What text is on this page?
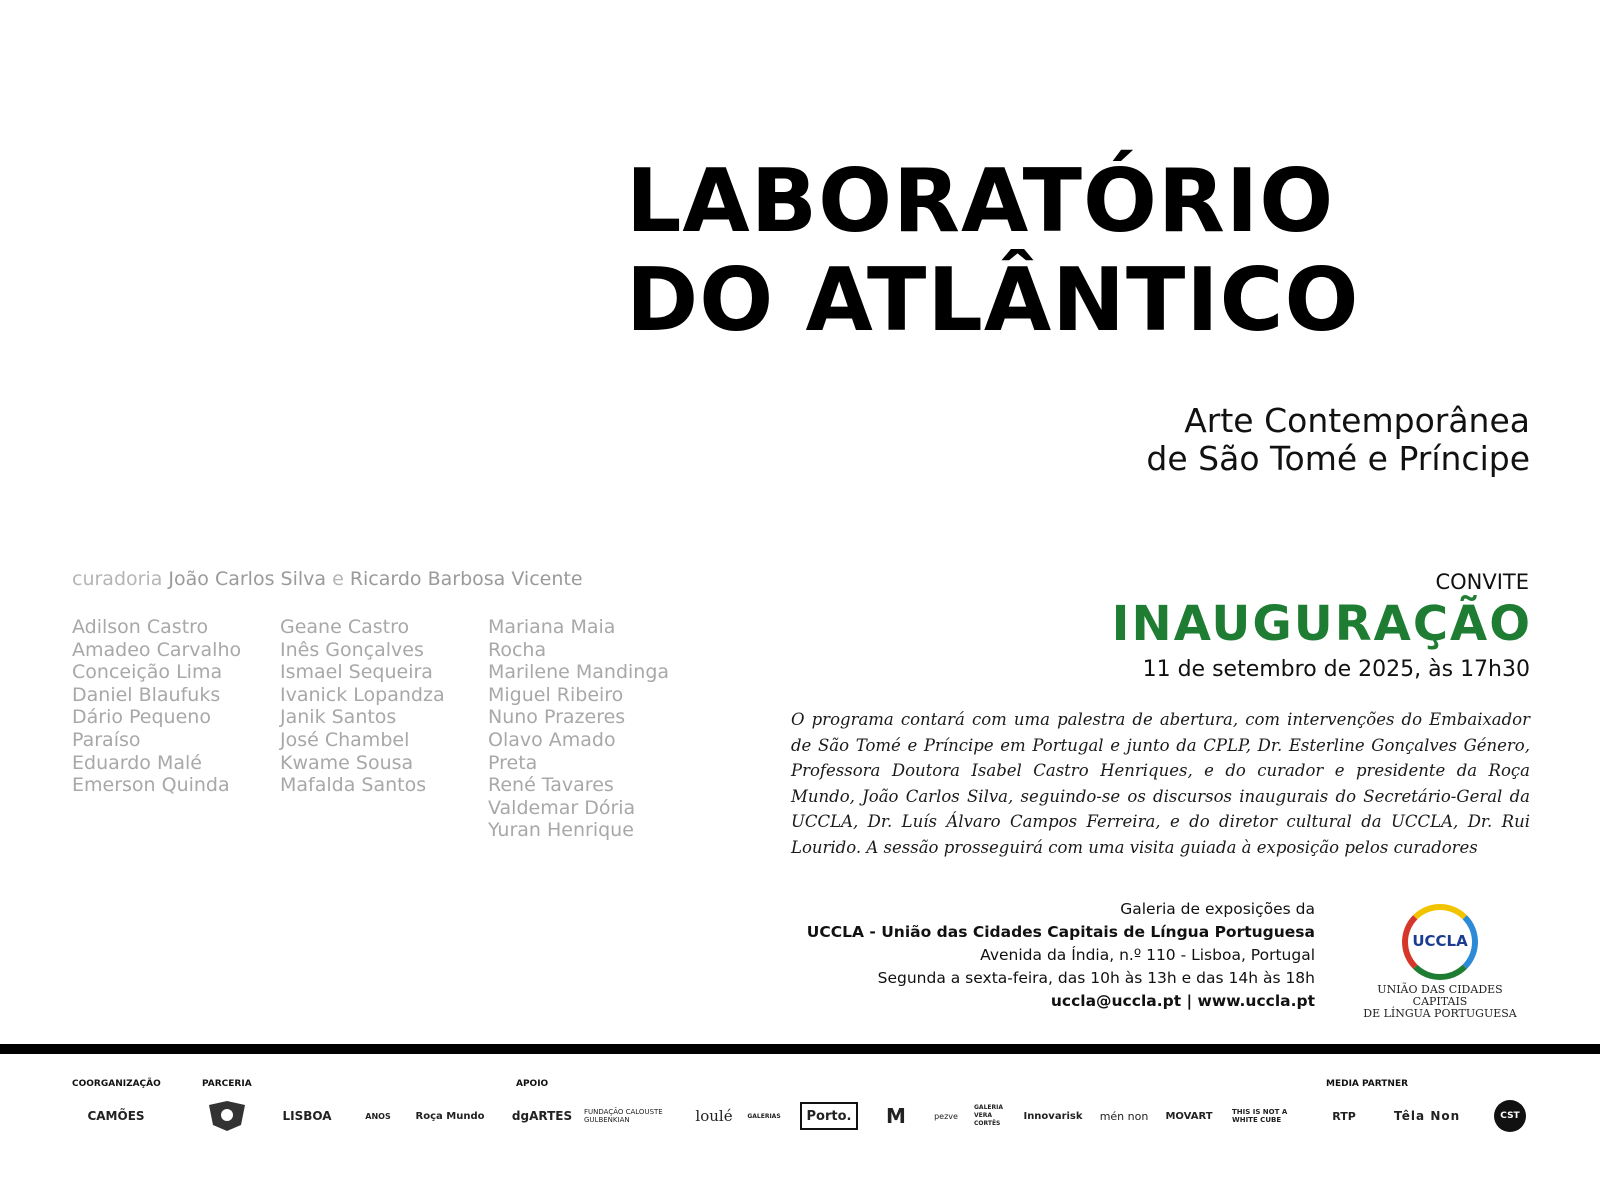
LABORATÓRIO
DO ATLÂNTICO
Arte Contemporânea
de São Tomé e Príncipe
curadoria João Carlos Silva e Ricardo Barbosa Vicente
Adilson Castro
Amadeo Carvalho
Conceição Lima
Daniel Blaufuks
Dário Pequeno
Paraíso
Eduardo Malé
Emerson Quinda
Geane Castro
Inês Gonçalves
Ismael Sequeira
Ivanick Lopandza
Janik Santos
José Chambel
Kwame Sousa
Mafalda Santos
Mariana Maia
Rocha
Marilene Mandinga
Miguel Ribeiro
Nuno Prazeres
Olavo Amado
Preta
René Tavares
Valdemar Dória
Yuran Henrique
CONVITE
INAUGURAÇÃO
11 de setembro de 2025, às 17h30
O programa contará com uma palestra de abertura, com intervenções do Embaixador de São Tomé e Príncipe em Portugal e junto da CPLP, Dr. Esterline Gonçalves Género, Professora Doutora Isabel Castro Henriques, e do curador e presidente da Roça Mundo, João Carlos Silva, seguindo-se os discursos inaugurais do Secretário-Geral da UCCLA, Dr. Luís Álvaro Campos Ferreira, e do diretor cultural da UCCLA, Dr. Rui Lourido. A sessão prosseguirá com uma visita guiada à exposição pelos curadores
Galeria de exposições da
UCCLA - União das Cidades Capitais de Língua Portuguesa
Avenida da Índia, n.º 110 - Lisboa, Portugal
Segunda a sexta-feira, das 10h às 13h e das 14h às 18h
uccla@uccla.pt | www.uccla.pt
UCCLA
UNIÃO DAS CIDADES CAPITAIS
DE LÍNGUA PORTUGUESA
COORGANIZAÇÃO	PARCERIA	APOIO	MEDIA PARTNER
CAMÕES	LISBOA	ANOS	Roça Mundo dgARTES FUNDAÇÃO CALOUSTE GULBENKIAN	loulé GALERIAS	Porto.	M	pezve
GALERIA VERA CORTÊS
Innovarisk mén non MOVART	THIS IS NOT A WHITE CUBE	RTP	Têla Non	CST
